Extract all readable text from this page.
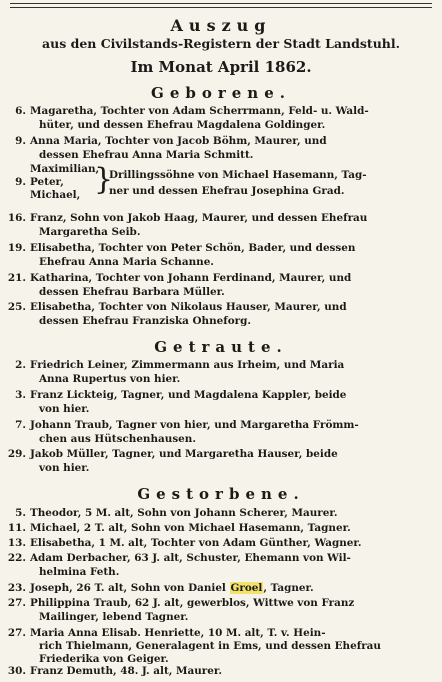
Auszug
aus den Civilstands-Registern der Stadt Landstuhl.
Im Monat April 1862.
Geborene.
6. Magaretha, Tochter von Adam Scherrmann, Feld- u. Wald-
hüter, und dessen Ehefrau Magdalena Goldinger.
9. Anna Maria, Tochter von Jacob Böhm, Maurer, und
dessen Ehefrau Anna Maria Schmitt.
9.
Maximilian,
Peter,
Michael, }
Drillingssöhne von Michael Hasemann, Tag-
ner und dessen Ehefrau Josephina Grad.
16. Franz, Sohn von Jakob Haag, Maurer, und dessen Ehefrau
Margaretha Seib.
19. Elisabetha, Tochter von Peter Schön, Bader, und dessen
Ehefrau Anna Maria Schanne.
21. Katharina, Tochter von Johann Ferdinand, Maurer, und
dessen Ehefrau Barbara Müller.
25. Elisabetha, Tochter von Nikolaus Hauser, Maurer, und
dessen Ehefrau Franziska Ohneforg.
Getraute.
2. Friedrich Leiner, Zimmermann aus Irheim, und Maria
Anna Rupertus von hier.
3. Franz Lickteig, Tagner, und Magdalena Kappler, beide
von hier.
7. Johann Traub, Tagner von hier, und Margaretha Frömm-
chen aus Hütschenhausen.
29. Jakob Müller, Tagner, und Margaretha Hauser, beide
von hier.
Gestorbene.
5. Theodor, 5 M. alt, Sohn von Johann Scherer, Maurer.
11. Michael, 2 T. alt, Sohn von Michael Hasemann, Tagner.
13. Elisabetha, 1 M. alt, Tochter von Adam Günther, Wagner.
22. Adam Derbacher, 63 J. alt, Schuster, Ehemann von Wil-
helmina Feth.
23. Joseph, 26 T. alt, Sohn von Daniel Groel, Tagner.
27. Philippina Traub, 62 J. alt, gewerblos, Wittwe von Franz
Mailinger, lebend Tagner.
27. Maria Anna Elisab. Henriette, 10 M. alt, T. v. Hein-
rich Thielmann, Generalagent in Ems, und dessen Ehefrau
Friederika von Geiger.
30. Franz Demuth, 48. J. alt, Maurer.
